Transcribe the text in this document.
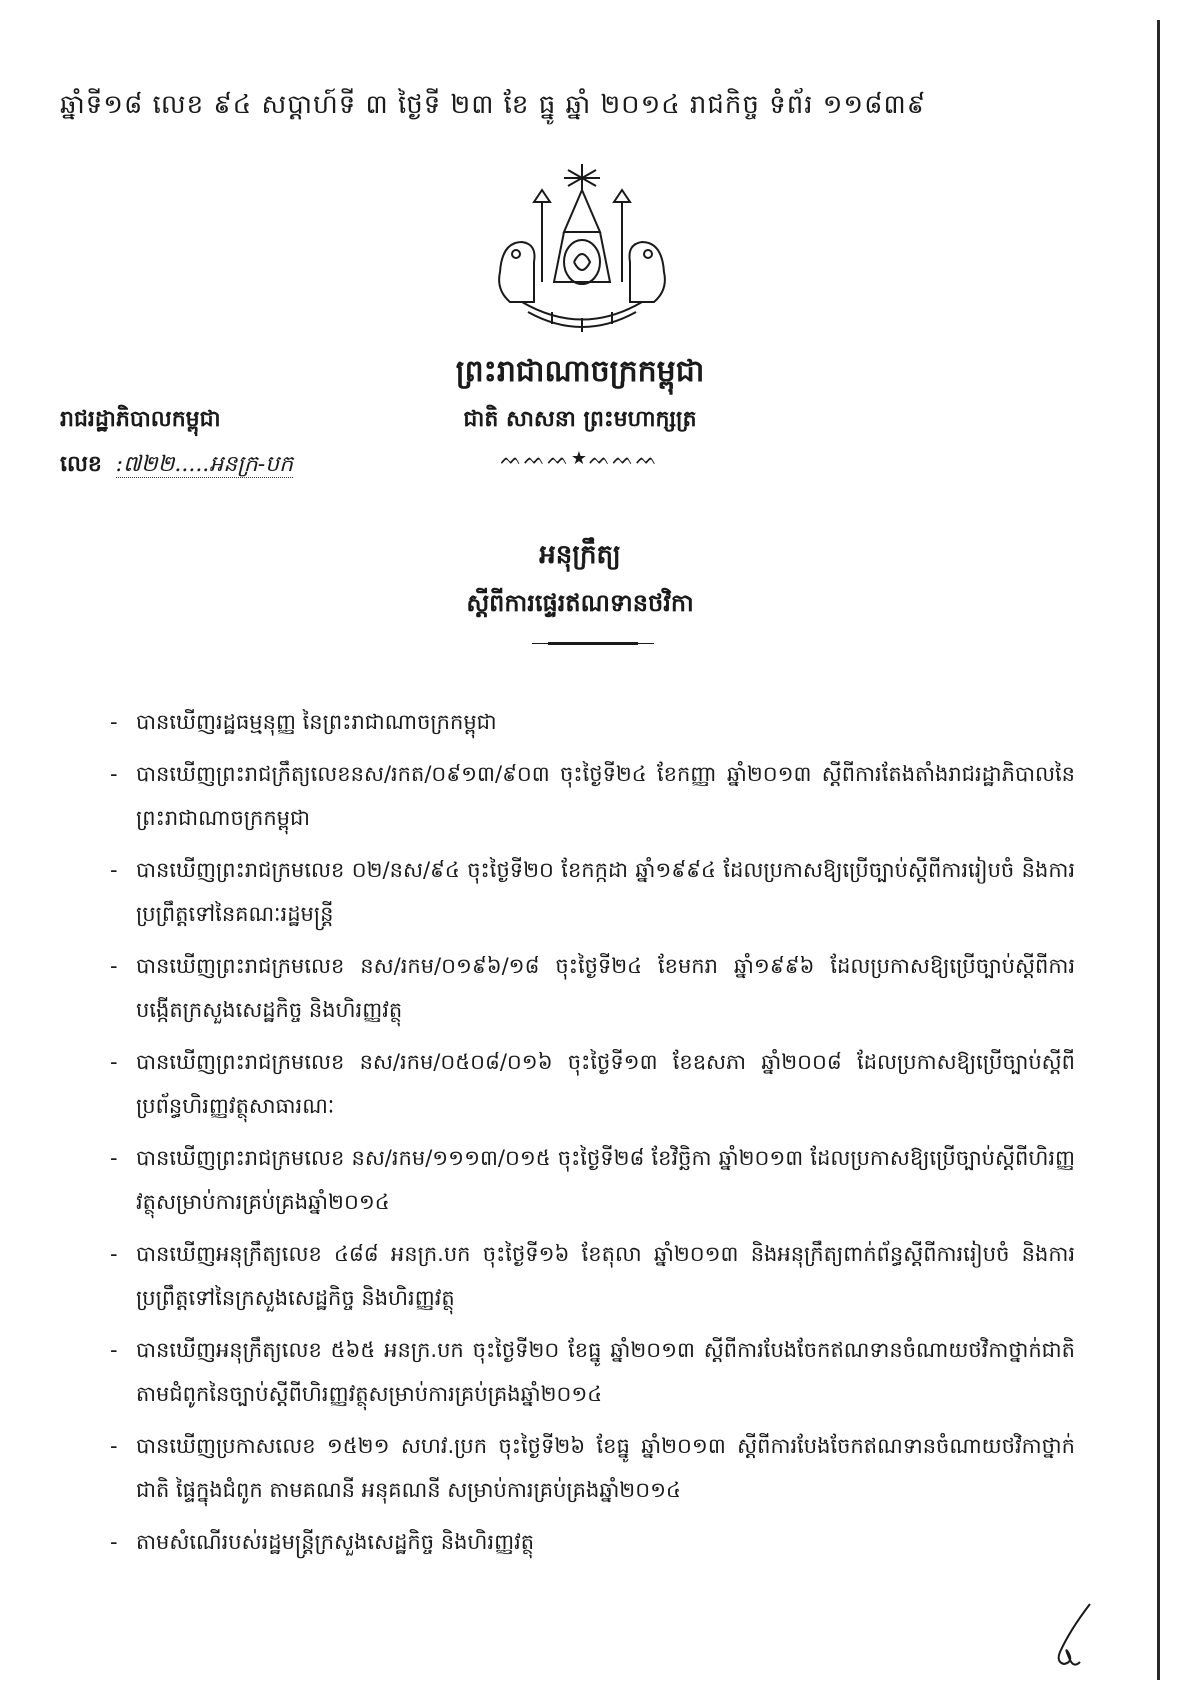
ឆ្នាំទី១៨ លេខ ៩៤ សប្តាហ៍ទី ៣ ថ្ងៃទី ២៣ ខែ ធ្នូ ឆ្នាំ ២០១៤ រាជកិច្ច ទំព័រ ១១៨៣៩
ព្រះរាជាណាចក្រកម្ពុជា
ជាតិ សាសនា ព្រះមហាក្សត្រ
ᨓᨓᨓ★ᨓᨓᨓ
រាជរដ្ឋាភិបាលកម្ពុជា
លេខ :៧២២.....អនក្រ-បក
អនុក្រឹត្យ
ស្តីពីការផ្ទេរឥណទានថវិកា
- បានឃើញរដ្ឋធម្មនុញ្ញ នៃព្រះរាជាណាចក្រកម្ពុជា
- បានឃើញព្រះរាជក្រឹត្យលេខនស/រកត/០៩១៣/៩០៣ ចុះថ្ងៃទី២៤ ខែកញ្ញា ឆ្នាំ២០១៣ ស្តីពីការតែងតាំងរាជរដ្ឋាភិបាលនៃព្រះរាជាណាចក្រកម្ពុជា
- បានឃើញព្រះរាជក្រមលេខ ០២/នស/៩៤ ចុះថ្ងៃទី២០ ខែកក្កដា ឆ្នាំ១៩៩៤ ដែលប្រកាសឱ្យប្រើច្បាប់ស្តីពីការរៀបចំ និងការប្រព្រឹត្តទៅនៃគណៈរដ្ឋមន្ត្រី
- បានឃើញព្រះរាជក្រមលេខ នស/រកម/០១៩៦/១៨ ចុះថ្ងៃទី២៤ ខែមករា ឆ្នាំ១៩៩៦ ដែលប្រកាសឱ្យប្រើច្បាប់ស្តីពីការបង្កើតក្រសួងសេដ្ឋកិច្ច និងហិរញ្ញវត្ថុ
- បានឃើញព្រះរាជក្រមលេខ នស/រកម/០៥០៨/០១៦ ចុះថ្ងៃទី១៣ ខែឧសភា ឆ្នាំ២០០៨ ដែលប្រកាសឱ្យប្រើច្បាប់ស្តីពីប្រព័ន្ធហិរញ្ញវត្ថុសាធារណៈ
- បានឃើញព្រះរាជក្រមលេខ នស/រកម/១១១៣/០១៥ ចុះថ្ងៃទី២៨ ខែវិច្ឆិកា ឆ្នាំ២០១៣ ដែលប្រកាសឱ្យប្រើច្បាប់ស្តីពីហិរញ្ញវត្ថុសម្រាប់ការគ្រប់គ្រងឆ្នាំ២០១៤
- បានឃើញអនុក្រឹត្យលេខ ៤៨៨ អនក្រ.បក ចុះថ្ងៃទី១៦ ខែតុលា ឆ្នាំ២០១៣ និងអនុក្រឹត្យពាក់ព័ន្ធស្តីពីការរៀបចំ និងការប្រព្រឹត្តទៅនៃក្រសួងសេដ្ឋកិច្ច និងហិរញ្ញវត្ថុ
- បានឃើញអនុក្រឹត្យលេខ ៥៦៥ អនក្រ.បក ចុះថ្ងៃទី២០ ខែធ្នូ ឆ្នាំ២០១៣ ស្តីពីការបែងចែកឥណទានចំណាយថវិកាថ្នាក់ជាតិ តាមជំពូកនៃច្បាប់ស្តីពីហិរញ្ញវត្ថុសម្រាប់ការគ្រប់គ្រងឆ្នាំ២០១៤
- បានឃើញប្រកាសលេខ ១៥២១ សហវ.ប្រក ចុះថ្ងៃទី២៦ ខែធ្នូ ឆ្នាំ២០១៣ ស្តីពីការបែងចែកឥណទានចំណាយថវិកាថ្នាក់ជាតិ ផ្ទៃក្នុងជំពូក តាមគណនី អនុគណនី សម្រាប់ការគ្រប់គ្រងឆ្នាំ២០១៤
- តាមសំណើរបស់រដ្ឋមន្ត្រីក្រសួងសេដ្ឋកិច្ច និងហិរញ្ញវត្ថុ
